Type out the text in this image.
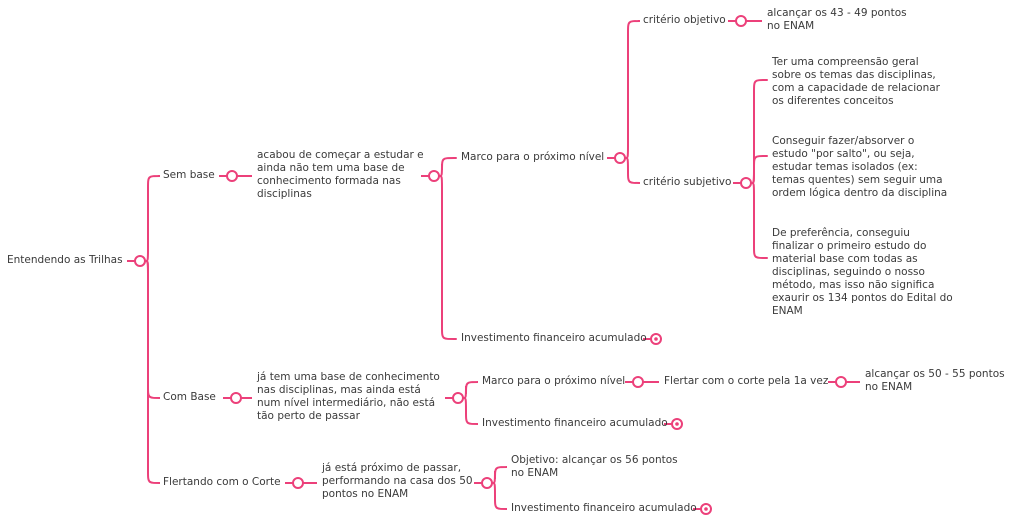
Entendendo as Trilhas
Sem base
acabou de começar a estudar e ainda não tem uma base de conhecimento formada nas disciplinas
Marco para o próximo nível
critério objetivo
alcançar os 43 - 49 pontos no ENAM
critério subjetivo
Ter uma compreensão geral sobre os temas das disciplinas, com a capacidade de relacionar os diferentes conceitos
Conseguir fazer/absorver o estudo "por salto", ou seja, estudar temas isolados (ex: temas quentes) sem seguir uma ordem lógica dentro da disciplina
De preferência, conseguiu finalizar o primeiro estudo do material base com todas as disciplinas, seguindo o nosso método, mas isso não significa exaurir os 134 pontos do Edital do ENAM
Investimento financeiro acumulado
Com Base
já tem uma base de conhecimento nas disciplinas, mas ainda está num nível intermediário, não está tão perto de passar
Marco para o próximo nível	Flertar com o corte pela 1a vez
alcançar os 50 - 55 pontos no ENAM
Investimento financeiro acumulado
Flertando com o Corte
já está próximo de passar, performando na casa dos 50 pontos no ENAM
Objetivo: alcançar os 56 pontos no ENAM
Investimento financeiro acumulado
